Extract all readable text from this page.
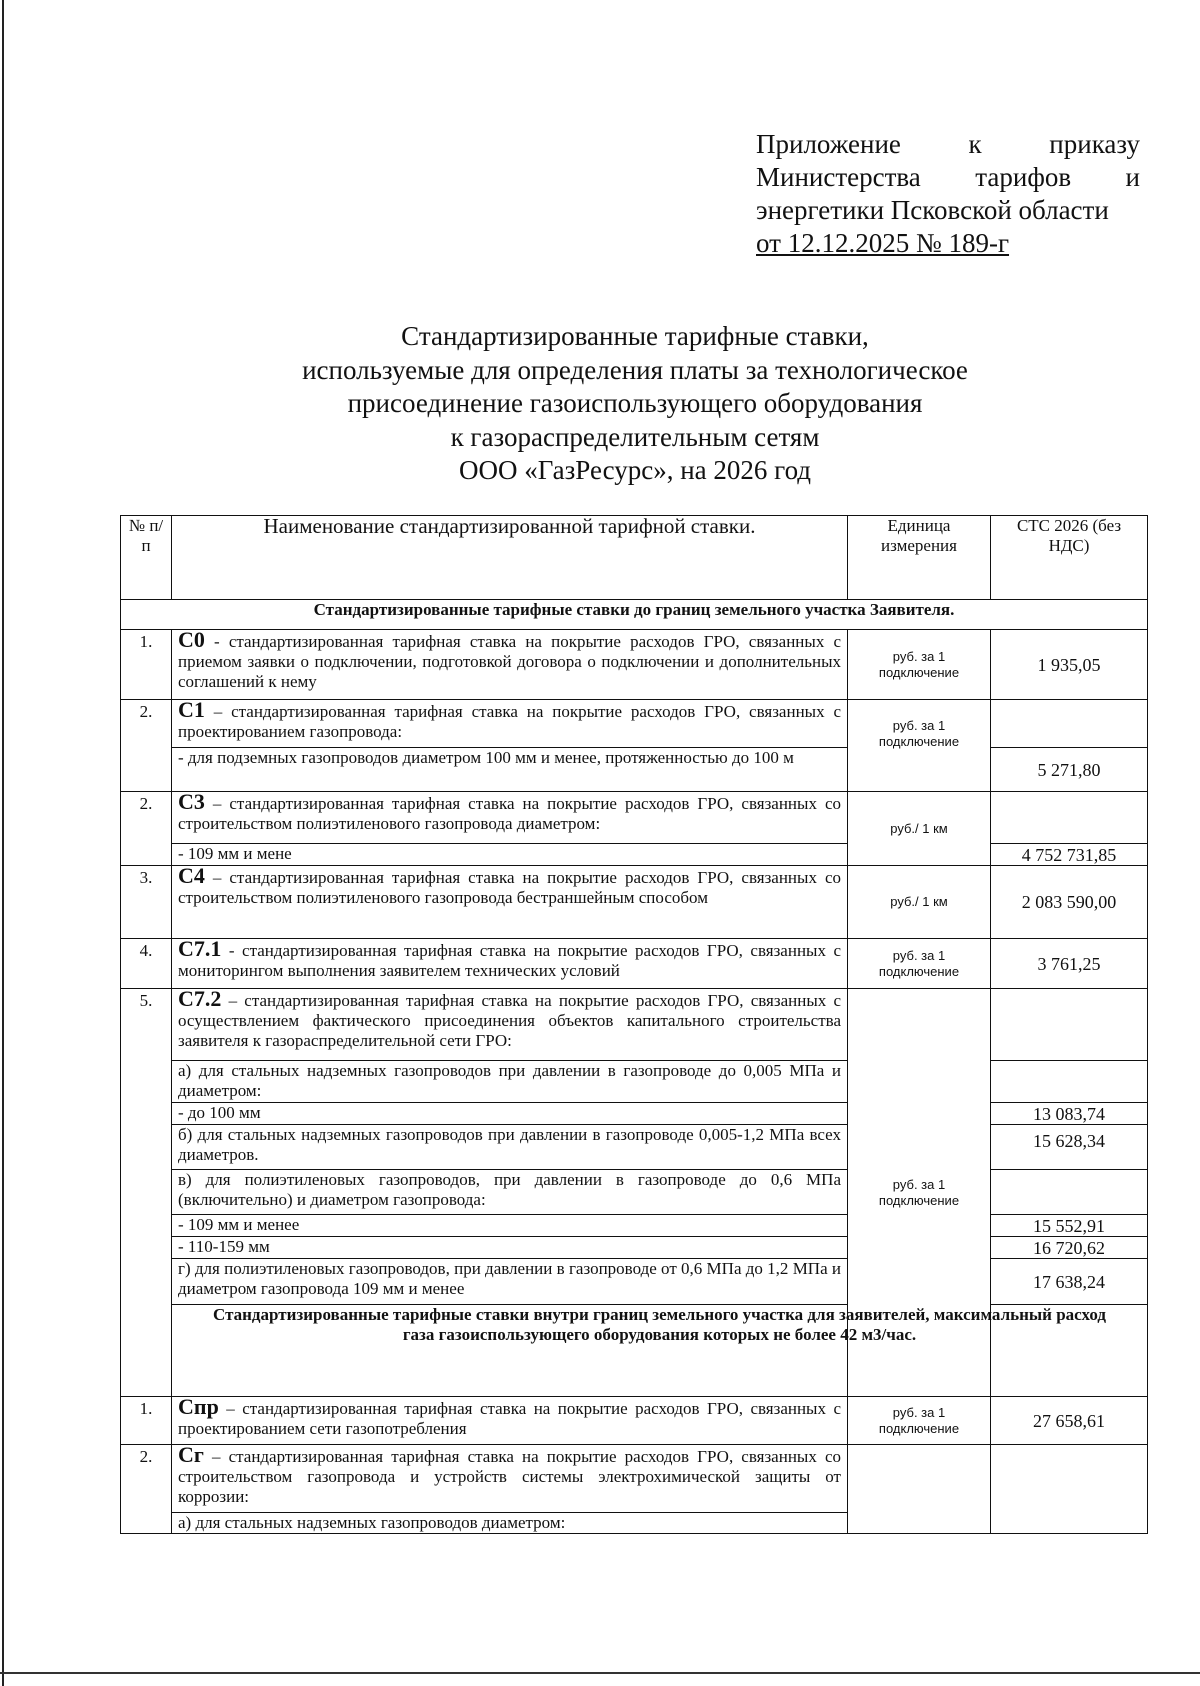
Приложение к приказу
Министерства тарифов и
энергетики Псковской области
от 12.12.2025 № 189-г
Стандартизированные тарифные ставки,
используемые для определения платы за технологическое
присоединение газоиспользующего оборудования
к газораспределительным сетям
ООО «ГазРесурс», на 2026 год
№ п/п	Наименование стандартизированной тарифной ставки.	Единица измерения	СТС 2026 (без НДС)
Стандартизированные тарифные ставки до границ земельного участка Заявителя.			
1.	С0 - стандартизированная тарифная ставка на покрытие расходов ГРО, связанных с приемом заявки о подключении, подготовкой договора о подключении и дополнительных соглашений к нему	руб. за 1 подключение	1 935,05
2.	С1 – стандартизированная тарифная ставка на покрытие расходов ГРО, связанных с проектированием газопровода:	руб. за 1 подключение	
	- для подземных газопроводов диаметром 100 мм и менее, протяженностью до 100 м		5 271,80
2.	С3 – стандартизированная тарифная ставка на покрытие расходов ГРО, связанных со строительством полиэтиленового газопровода диаметром:	руб./ 1 км	
	- 109 мм и мене		4 752 731,85
3.	С4 – стандартизированная тарифная ставка на покрытие расходов ГРО, связанных со строительством полиэтиленового газопровода бестраншейным способом	руб./ 1 км	2 083 590,00
4.	С7.1 - стандартизированная тарифная ставка на покрытие расходов ГРО, связанных с мониторингом выполнения заявителем технических условий	руб. за 1 подключение	3 761,25
5.	С7.2 – стандартизированная тарифная ставка на покрытие расходов ГРО, связанных с осуществлением фактического присоединения объектов капитального строительства заявителя к газораспределительной сети ГРО:	руб. за 1 подключение	
	а) для стальных надземных газопроводов при давлении в газопроводе до 0,005 МПа и диаметром:		
	- до 100 мм		13 083,74
	б) для стальных надземных газопроводов при давлении в газопроводе 0,005-1,2 МПа всех диаметров.		15 628,34
	в) для полиэтиленовых газопроводов, при давлении в газопроводе до 0,6 МПа (включительно) и диаметром газопровода:		
	- 109 мм и менее		15 552,91
	- 110-159 мм		16 720,62
	г) для полиэтиленовых газопроводов, при давлении в газопроводе от 0,6 МПа до 1,2 МПа и диаметром газопровода 109 мм и менее		17 638,24
	Стандартизированные тарифные ставки внутри границ земельного участка для заявителей, максимальный расход газа газоиспользующего оборудования которых не более 42 м3/час.		
1.	Спр – стандартизированная тарифная ставка на покрытие расходов ГРО, связанных с проектированием сети газопотребления	руб. за 1 подключение	27 658,61
2.	Сг – стандартизированная тарифная ставка на покрытие расходов ГРО, связанных со строительством газопровода и устройств системы электрохимической защиты от коррозии:		
	а) для стальных надземных газопроводов диаметром:		
